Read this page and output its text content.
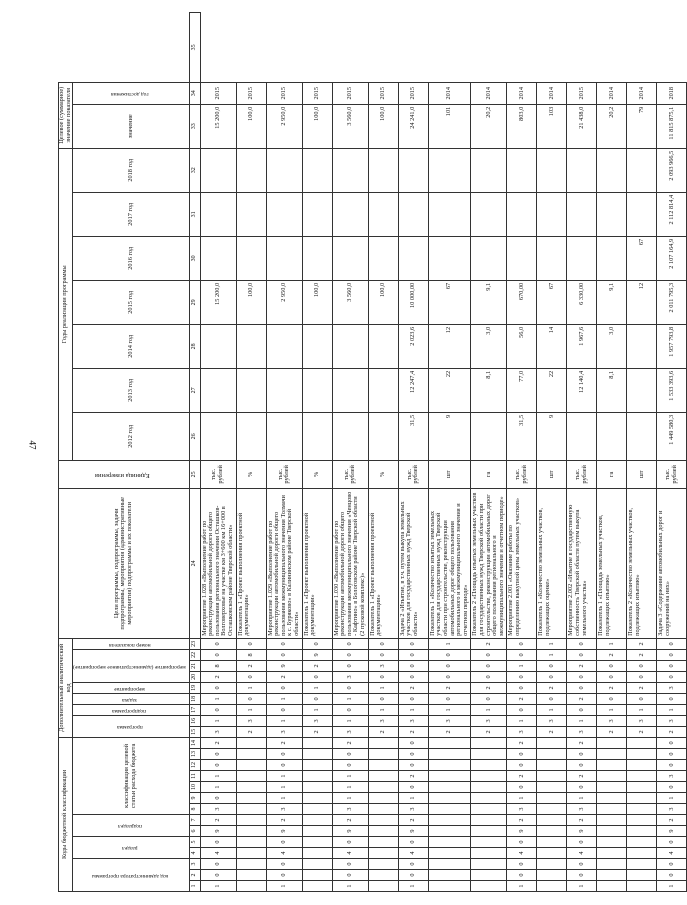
47
Коды бюджетной классификации														Дополнительный аналитический код									Цели программы, подпрограммы, задачи подпрограммы, мероприятия (административные мероприятия) подпрограммы и их показатели	Единица измерения	Годы реализации программы							Целевое (суммарное) значение показателя		
код администратора программы			раздел		подраздел		классификация целевой статьи расхода бюджета							программа		подпрограмма	задача	мероприятие	мероприятие (административное мероприятие)			номер показателя			2012 год	2013 год	2014 год	2015 год	2016 год	2017 год	2018 год	значение	год достижения	
1	2	3	4	5	6	7	8	9	10	11	12	13	14	15	16	17	18	19	20	21	22	23	24	25	26	27	28	29	30	31	32	33	34	35
1	0	0	4	0	9	2	3	0	1	1	0	0	2	3	1	0	1	0	2	8	0	0	Мероприятие 1.028 «Выполнение работ по реконструкции автомобильной дороги общего пользования регионального значения Осташков-Волговерховье на участке км 3+600 км 16+000 в Осташковском районе Тверской области»	тыс. рублей				15 200,0				15 200,0	2015	
														2	3	1	0	1	0	2	8	0	Показатель 1 «Проект выполнения проектной документации»	%				100,0				100,0	2015	
1	0	0	4	0	9	2	3	1	1	1	0	0	2	3	1	0	1	0	2	9	0	0	Мероприятие 1.029 «Выполнение работ по реконструкции автомобильной дороги общего пользования межмуниципального значения Толмачи к с. Буряково» в Калининском районе Тверской области»	тыс. рублей				2 950,0				2 950,0	2015	
														2	3	1	0	1	0	2	9	0	Показатель 1 «Проект выполнения проектной документации»	%				100,0				100,0	2015	
1	0	0	4	0	9	2	3	1	1	1	0	0	2	3	1	0	1	0	3	0	0	0	Мероприятие 1.030 «Выполнение работ по реконструкции автомобильной дороги общего пользования межмуниципального значения «Ченцово - Кафтино» в Бологовском районе Тверской области (2 пусковой комплекс)»	тыс. рублей				3 560,0				3 560,0	2015	
														2	3	1	0	1	0	3	0	0	Показатель 1 «Проект выполнения проектной документации»	%				100,0				100,0	2015	
1	0	0	4	0	9	2	3	1	0	2	0	0	0	2	3	1	0	2	0	0	0	0	Задача 2 «Изъятие, в т.ч. путем выкупа земельных участков для государственных нужд Тверской области»	тыс. рублей	31,5	12 247,4	2 023,6	10 000,00				24 241,0	2015	
														2	3	1	0	2	0	0	0	1	Показатель 1 «Количество изъятых земельных участков для государственных нужд Тверской области при строительстве, реконструкции автомобильных дорог общего пользования регионального и межмуниципального значения и отчетном периоде»	шт	9	22	12	67				101	2014	
														2	3	1	0	2	0	0	0	2	Показатель 2 «Площадь изъятых земельных участков для государственных нужд Тверской области при строительстве, реконструкции автомобильных дорог общего пользования регионального и межмуниципального значения и отчетном периоде»	га		8,1	3,0	9,1				20,2	2014	
1	0	0	4	0	9	2	3	1	0	2	0	0	2	3	1	0	2	0	0	1	0	0	Мероприятие 2.001 «Оказание работы по определению выкупной цены земельных участков»	тыс. рублей	31,5	77,0	56,0	670,00				803,0	2014	
														2	3	1	0	2	0	0	1	1	Показатель 1 «Количество земельных участков, подлежащих оценке»	шт	9	22	14	67				103	2014	
1	0	0	4	0	9	2	3	1	0	2	0	0	2	3	1	0	2	0	0	2	0	0	Мероприятие 2.002 «Изъятие в государственную собственность Тверской области путем выкупа земельного участка»	тыс. рублей		12 140,4	1 967,6	6 330,00				21 438,0	2015	
														2	3	1	0	2	0	0	2	1	Показатель 1 «Площадь земельных участков, подлежащих изъятию»	га		8,1	3,0	9,1				20,2	2014	
														2	3	1	0	2	0	0	2	2	Показатель 2 «Количество земельных участков, подлежащих изъятию»	шт				12	67			79	2014	
1	0	0	4	0	9	2	3	1	0	3	0	0	0	2	3	1	0	3	0	0	0	0	Задача 3 «Содержание автомобильных дорог и сооружений на них»	тыс. рублей	1 449 580,3	1 533 393,6	1 957 793,8	2 011 795,3	2 107 164,9	2 112 814,4	2 093 966,5	11 815 875,1	2018	
